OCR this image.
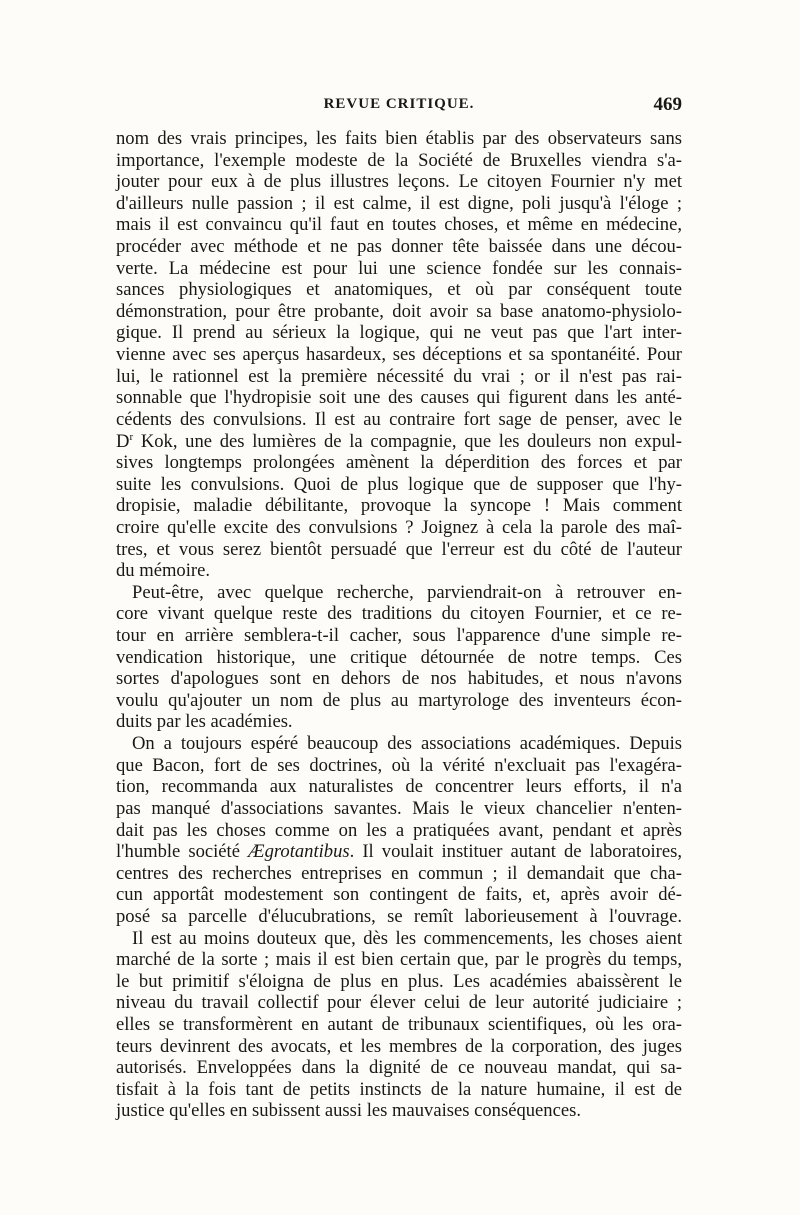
REVUE CRITIQUE.	469
nom des vrais principes, les faits bien établis par des observateurs sans
importance, l'exemple modeste de la Société de Bruxelles viendra s'a-
jouter pour eux à de plus illustres leçons. Le citoyen Fournier n'y met
d'ailleurs nulle passion ; il est calme, il est digne, poli jusqu'à l'éloge ;
mais il est convaincu qu'il faut en toutes choses, et même en médecine,
procéder avec méthode et ne pas donner tête baissée dans une décou-
verte. La médecine est pour lui une science fondée sur les connais-
sances physiologiques et anatomiques, et où par conséquent toute
démonstration, pour être probante, doit avoir sa base anatomo-physiolo-
gique. Il prend au sérieux la logique, qui ne veut pas que l'art inter-
vienne avec ses aperçus hasardeux, ses déceptions et sa spontanéité. Pour
lui, le rationnel est la première nécessité du vrai ; or il n'est pas rai-
sonnable que l'hydropisie soit une des causes qui figurent dans les anté-
cédents des convulsions. Il est au contraire fort sage de penser, avec le
$D^r$ Kok, une des lumières de la compagnie, que les douleurs non expul-
sives longtemps prolongées amènent la déperdition des forces et par
suite les convulsions. Quoi de plus logique que de supposer que l'hy-
dropisie, maladie débilitante, provoque la syncope ! Mais comment
croire qu'elle excite des convulsions ? Joignez à cela la parole des maî-
tres, et vous serez bientôt persuadé que l'erreur est du côté de l'auteur
du mémoire.
Peut-être, avec quelque recherche, parviendrait-on à retrouver en-
core vivant quelque reste des traditions du citoyen Fournier, et ce re-
tour en arrière semblera-t-il cacher, sous l'apparence d'une simple re-
vendication historique, une critique détournée de notre temps. Ces
sortes d'apologues sont en dehors de nos habitudes, et nous n'avons
voulu qu'ajouter un nom de plus au martyrologe des inventeurs écon-
duits par les académies.
On a toujours espéré beaucoup des associations académiques. Depuis
que Bacon, fort de ses doctrines, où la vérité n'excluait pas l'exagéra-
tion, recommanda aux naturalistes de concentrer leurs efforts, il n'a
pas manqué d'associations savantes. Mais le vieux chancelier n'enten-
dait pas les choses comme on les a pratiquées avant, pendant et après
l'humble société Ægrotantibus. Il voulait instituer autant de laboratoires,
centres des recherches entreprises en commun ; il demandait que cha-
cun apportât modestement son contingent de faits, et, après avoir dé-
posé sa parcelle d'élucubrations, se remît laborieusement à l'ouvrage.
Il est au moins douteux que, dès les commencements, les choses aient
marché de la sorte ; mais il est bien certain que, par le progrès du temps,
le but primitif s'éloigna de plus en plus. Les académies abaissèrent le
niveau du travail collectif pour élever celui de leur autorité judiciaire ;
elles se transformèrent en autant de tribunaux scientifiques, où les ora-
teurs devinrent des avocats, et les membres de la corporation, des juges
autorisés. Enveloppées dans la dignité de ce nouveau mandat, qui sa-
tisfait à la fois tant de petits instincts de la nature humaine, il est de
justice qu'elles en subissent aussi les mauvaises conséquences.
